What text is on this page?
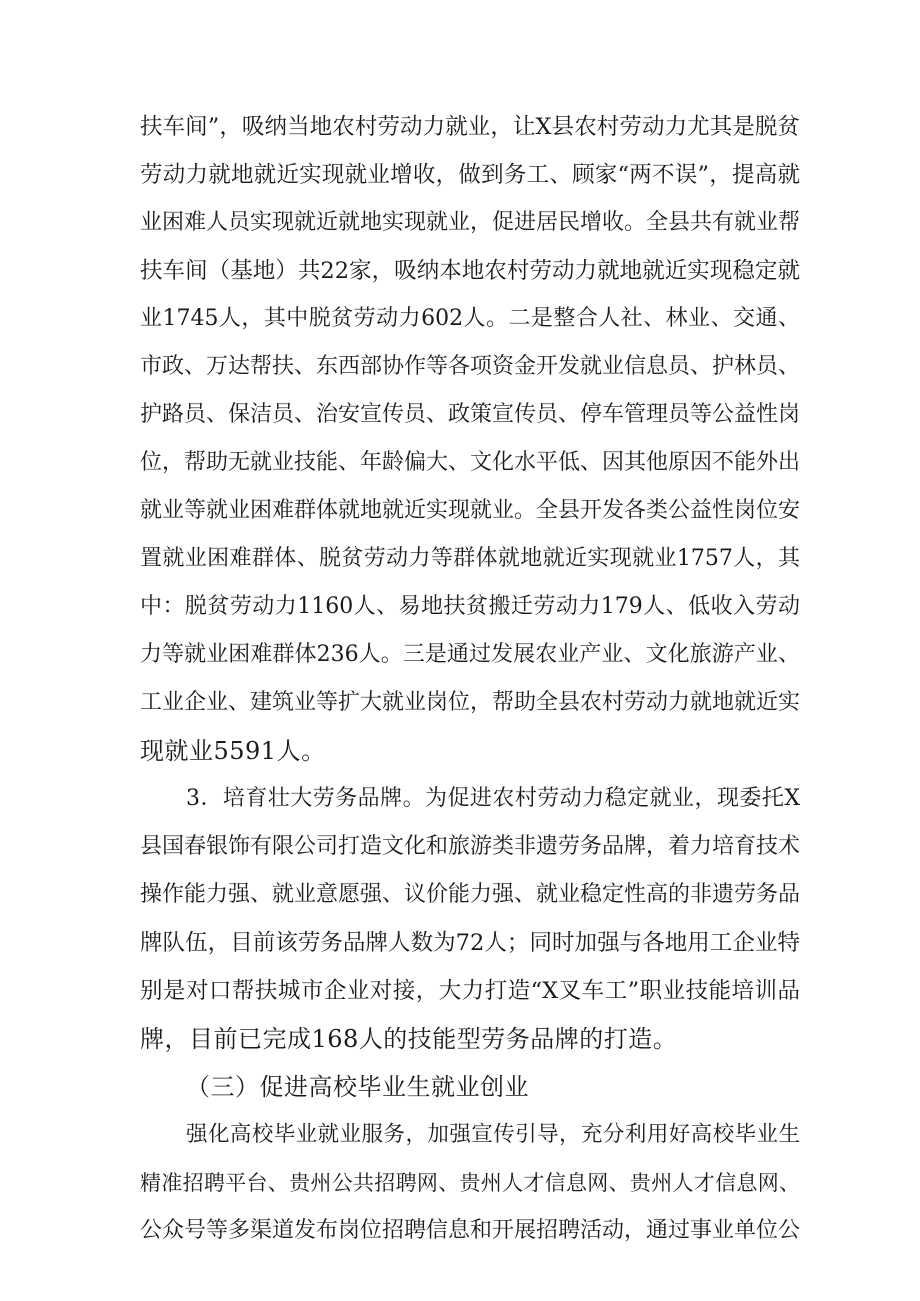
扶车间”，吸纳当地农村劳动力就业，让X县农村劳动力尤其是脱贫
劳动力就地就近实现就业增收，做到务工、顾家“两不误”，提高就
业困难人员实现就近就地实现就业，促进居民增收。全县共有就业帮
扶车间（基地）共22家，吸纳本地农村劳动力就地就近实现稳定就
业1745人，其中脱贫劳动力602人。二是整合人社、林业、交通、
市政、万达帮扶、东西部协作等各项资金开发就业信息员、护林员、
护路员、保洁员、治安宣传员、政策宣传员、停车管理员等公益性岗
位，帮助无就业技能、年龄偏大、文化水平低、因其他原因不能外出
就业等就业困难群体就地就近实现就业。全县开发各类公益性岗位安
置就业困难群体、脱贫劳动力等群体就地就近实现就业1757人，其
中：脱贫劳动力1160人、易地扶贫搬迁劳动力179人、低收入劳动
力等就业困难群体236人。三是通过发展农业产业、文化旅游产业、
工业企业、建筑业等扩大就业岗位，帮助全县农村劳动力就地就近实
现就业5591人。
3．培育壮大劳务品牌。为促进农村劳动力稳定就业，现委托X
县国春银饰有限公司打造文化和旅游类非遗劳务品牌，着力培育技术
操作能力强、就业意愿强、议价能力强、就业稳定性高的非遗劳务品
牌队伍，目前该劳务品牌人数为72人；同时加强与各地用工企业特
别是对口帮扶城市企业对接，大力打造“X叉车工”职业技能培训品
牌，目前已完成168人的技能型劳务品牌的打造。
（三）促进高校毕业生就业创业
强化高校毕业就业服务，加强宣传引导，充分利用好高校毕业生
精准招聘平台、贵州公共招聘网、贵州人才信息网、贵州人才信息网、
公众号等多渠道发布岗位招聘信息和开展招聘活动，通过事业单位公
